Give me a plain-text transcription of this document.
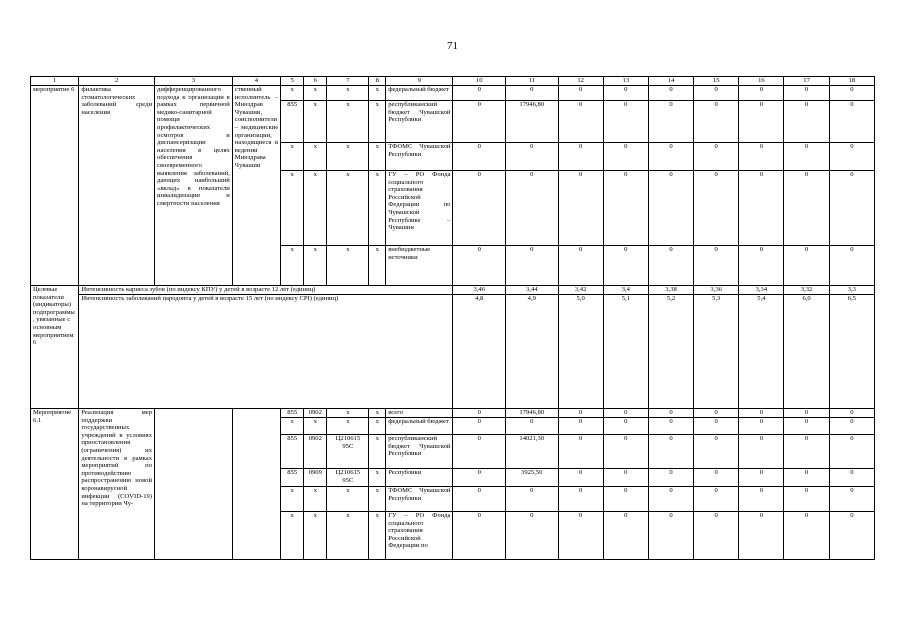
71
1	2	3	4	5	6	7	8	9	10	11	12	13	14	15	16	17	18
мероприятие 6	филактика стоматологических заболеваний среди населения	дифференцированного подхода к организации в рамках первичной медико-санитарной помощи профилактических осмотров и диспансеризации населения в целях обеспечения своевременного выявления заболеваний, дающих наибольший «вклад» в показатели инвалидизации и смертности населения	ственный исполнитель – Минздрав Чувашии, соисполнители – медицинские организации, находящиеся в ведении Минздрава Чувашии	x	x	x	x	федеральный бюджет	0	0	0	0	0	0	0	0	0
				855	x	x	x	республиканский бюджет Чувашской Республики	0	17946,80	0	0	0	0	0	0	0
				x	x	x	x	ТФОМС Чувашской Республики	0	0	0	0	0	0	0	0	0
				x	x	x	x	ГУ – РО Фонда социального страхования Российской Федерации по Чувашской Республике – Чувашии	0	0	0	0	0	0	0	0	0
				x	x	x	x	внебюджетные источники	0	0	0	0	0	0	0	0	0
Целевые показатели (индикаторы) подпрограммы, увязанные с основным мероприятием 6	Интенсивность кариеса зубов (по индексу КПУ) у детей в возрасте 12 лет (единиц)								3,46	3,44	3,42	3,4	3,38	3,36	3,34	3,32	3,3
	Интенсивность заболеваний пародонта у детей в возрасте 15 лет (по индексу СРI) (единиц)								4,8	4,9	5,0	5,1	5,2	5,3	5,4	6,0	6,5
Мероприятие 6.1	Реализация мер поддержки государственных учреждений в условиях приостановления (ограничения) их деятельности в рамках мероприятий по противодействию распространению новой коронавирусной инфекции (COVID-19) на территории Чу-			855	0902	x	x	всего	0	17946,80	0	0	0	0	0	0	0
				x	x	x	x	федеральный бюджет	0	0	0	0	0	0	0	0	0
				855	0902	Ц210615 95С	x	республиканский бюджет Чувашской Республики	0	14021,30	0	0	0	0	0	0	0
				855	0909	Ц210615 95С	x	Республики	0	3925,50	0	0	0	0	0	0	0
				x	x	x	x	ТФОМС Чувашской Республики	0	0	0	0	0	0	0	0	0
				x	x	x	x	ГУ – РО Фонда социального страхования Российской Федерации по	0	0	0	0	0	0	0	0	0
